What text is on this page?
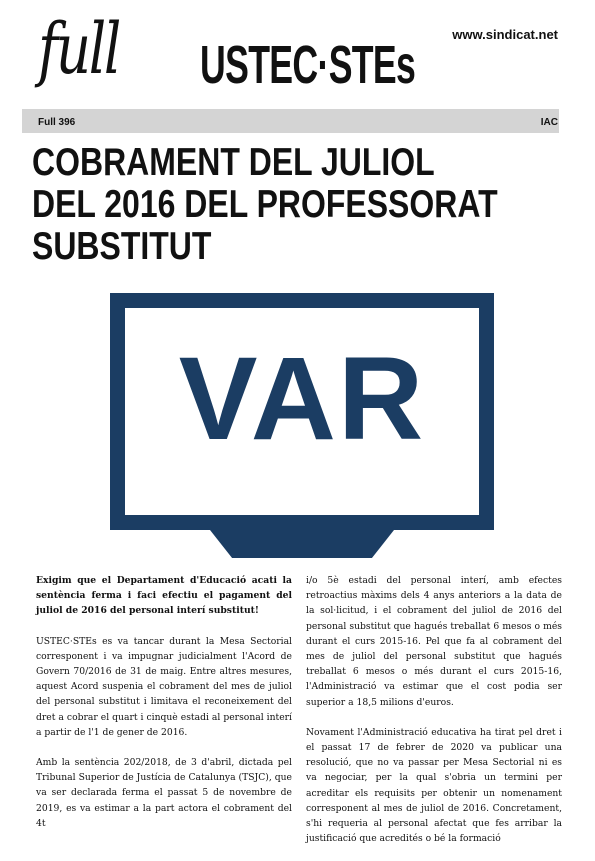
full USTEC·STEs
www.sindicat.net
Full 396	IAC
COBRAMENT DEL JULIOL
DEL 2016 DEL PROFESSORAT
SUBSTITUT
VAR

Exigim que el Departament d'Educació acati la sentència ferma i faci efectiu el pagament del juliol de 2016 del personal interí substitut!

USTEC·STEs es va tancar durant la Mesa Sectorial corresponent i va impugnar judicialment l'Acord de Govern 70/2016 de 31 de maig. Entre altres mesures, aquest Acord suspenia el cobrament del mes de juliol del personal substitut i limitava el reconeixement del dret a cobrar el quart i cinquè estadi al personal interí a partir de l'1 de gener de 2016.

Amb la sentència 202/2018, de 3 d'abril, dictada pel Tribunal Superior de Justícia de Catalunya (TSJC), que va ser declarada ferma el passat 5 de novembre de 2019, es va estimar a la part actora el cobrament del 4t

i/o 5è estadi del personal interí, amb efectes retroactius màxims dels 4 anys anteriors a la data de la sol·licitud, i el cobrament del juliol de 2016 del personal substitut que hagués treballat 6 mesos o més durant el curs 2015-16. Pel que fa al cobrament del mes de juliol del personal substitut que hagués treballat 6 mesos o més durant el curs 2015-16, l'Administració va estimar que el cost podia ser superior a 18,5 milions d'euros.

Novament l'Administració educativa ha tirat pel dret i el passat 17 de febrer de 2020 va publicar una resolució, que no va passar per Mesa Sectorial ni es va negociar, per la qual s'obria un termini per acreditar els requisits per obtenir un nomenament corresponent al mes de juliol de 2016. Concretament, s'hi requeria al personal afectat que fes arribar la justificació que acredités o bé la formació
